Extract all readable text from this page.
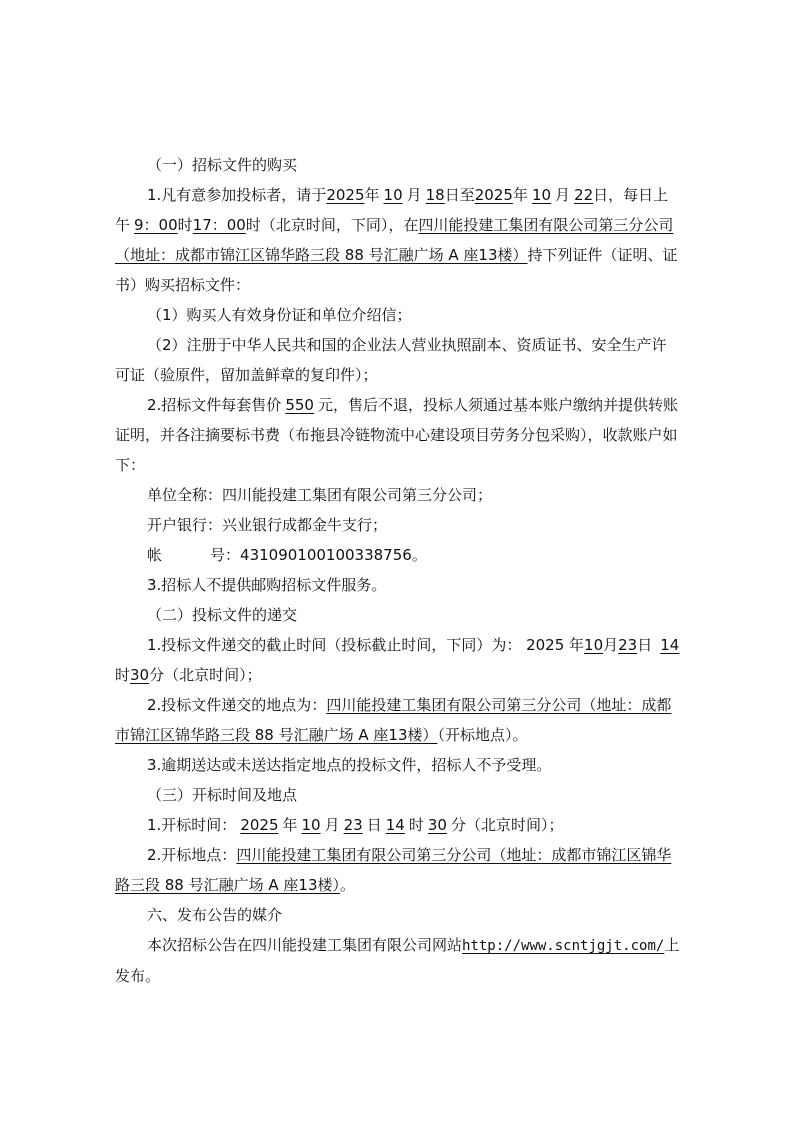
（一）招标文件的购买

1.凡有意参加投标者，请于2025年 10 月 18日至2025年 10 月 22日，每日上午 9：00时17：00时（北京时间，下同），在四川能投建工集团有限公司第三分公司（地址：成都市锦江区锦华路三段 88 号汇融广场 A 座13楼）持下列证件（证明、证书）购买招标文件：

（1）购买人有效身份证和单位介绍信；

（2）注册于中华人民共和国的企业法人营业执照副本、资质证书、安全生产许可证（验原件，留加盖鲜章的复印件）；

2.招标文件每套售价 550 元，售后不退，投标人须通过基本账户缴纳并提供转账证明，并各注摘要标书费（布拖县冷链物流中心建设项目劳务分包采购），收款账户如下：

单位全称：四川能投建工集团有限公司第三分公司；

开户银行：兴业银行成都金牛支行；

帐	号：431090100100338756。

3.招标人不提供邮购招标文件服务。

（二）投标文件的递交

1.投标文件递交的截止时间（投标截止时间，下同）为： 2025 年10月23日 14时30分（北京时间）；

2.投标文件递交的地点为：四川能投建工集团有限公司第三分公司（地址：成都市锦江区锦华路三段 88 号汇融广场 A 座13楼）（开标地点）。

3.逾期送达或未送达指定地点的投标文件，招标人不予受理。

（三）开标时间及地点

1.开标时间： 2025 年 10 月 23 日 14 时 30 分（北京时间）；

2.开标地点：四川能投建工集团有限公司第三分公司（地址：成都市锦江区锦华路三段 88 号汇融广场 A 座13楼）。

六、发布公告的媒介

本次招标公告在四川能投建工集团有限公司网站http://www.scntjgjt.com/上发布。
